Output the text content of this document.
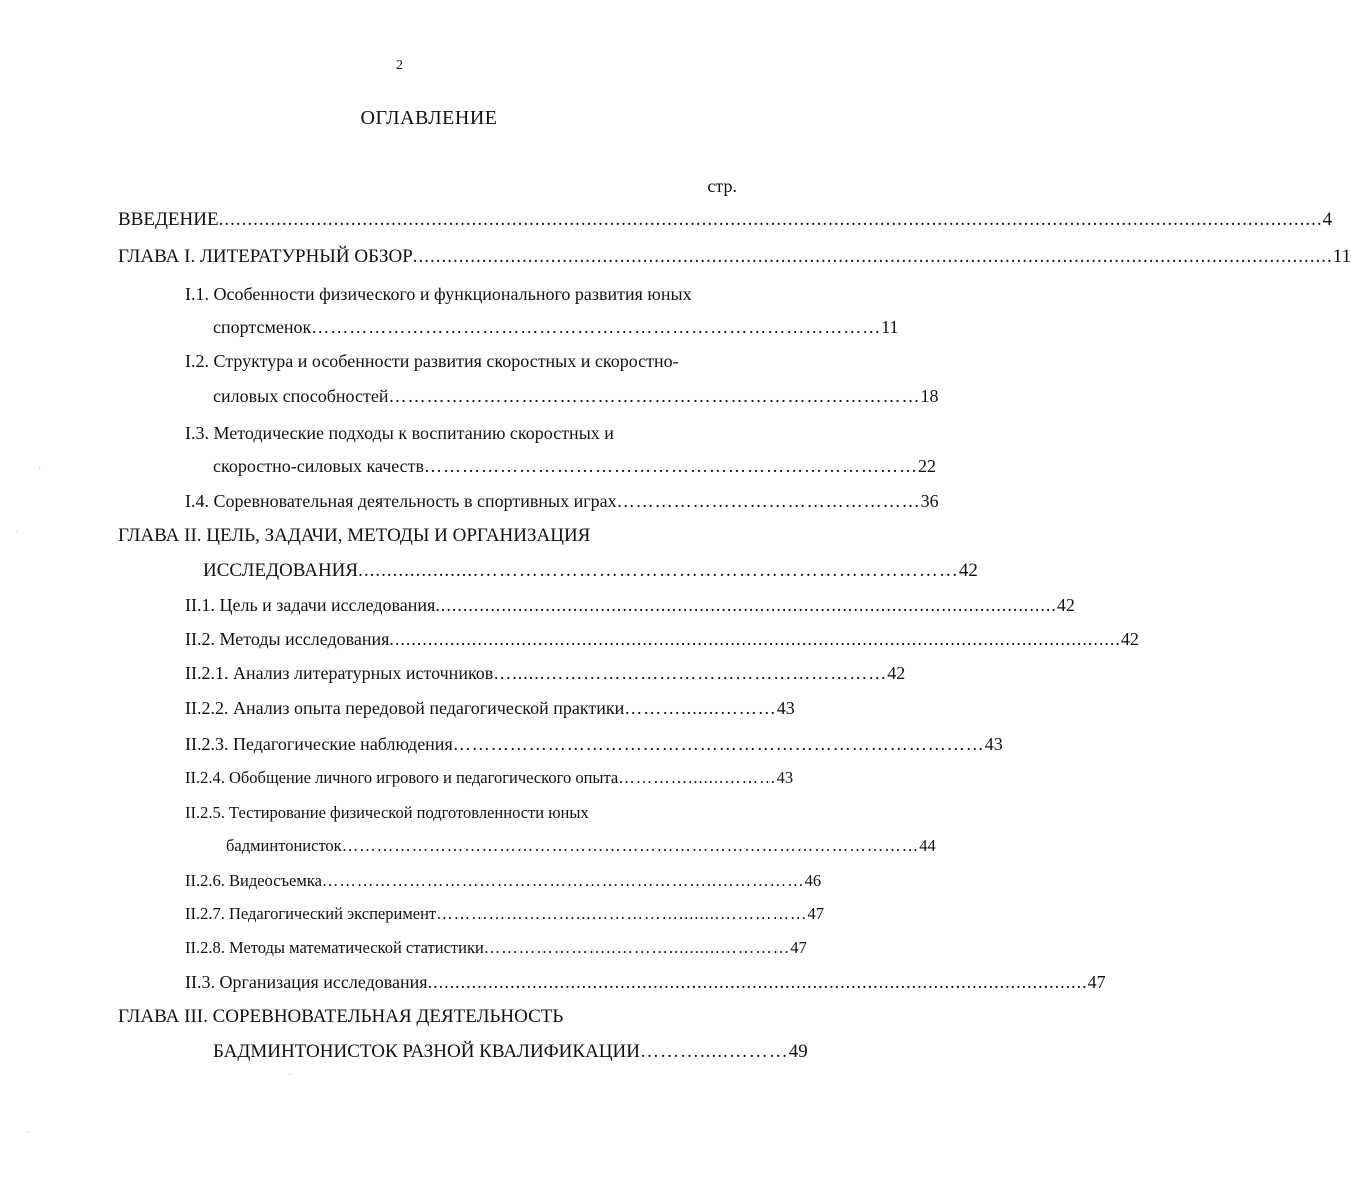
2
ОГЛАВЛЕНИЕ
стр.
ВВЕДЕНИЕ ................................................................................................................................................................................................ 4
ГЛАВА I. ЛИТЕРАТУРНЫЙ ОБЗОР ................................................................................................................................................................ 11
I.1. Особенности физического и функционального развития юных
спортсменок ……………………………………………………………………………… 11
I.2. Структура и особенности развития скоростных и скоростно-
силовых способностей ………………………………………………………………………… 18
I.3. Методические подходы к воспитанию скоростных и
скоростно-силовых качеств …………………………………………………………………… 22
I.4. Соревновательная деятельность в спортивных играх ………………………………………… 36
ГЛАВА II. ЦЕЛЬ, ЗАДАЧИ, МЕТОДЫ И ОРГАНИЗАЦИЯ
ИССЛЕДОВАНИЯ .....................……………………………………………………………… 42
II.1. Цель и задачи исследования ................................................................................................................. 42
II.2. Методы исследования ..................................................................................................................................... 42
II.2.1. Анализ литературных источников …......……………………………………………… 42
II.2.2. Анализ опыта передовой педагогической практики ……….......……… 43
II.2.3. Педагогические наблюдения ………………………………………………………………………… 43
II.2.4. Обобщение личного игрового и педагогического опыта ………….......……… 43
II.2.5. Тестирование физической подготовленности юных
бадминтонисток ……………………………………………………………………………………… 44
II.2.6. Видеосъемка …………………………………………………………..…………… 46
II.2.7. Педагогический эксперимент ……………………...……………........…………… 47
II.2.8. Методы математической статистики …………………..………..........………… 47
II.3. Организация исследования ........................................................................................................................ 47
ГЛАВА III. СОРЕВНОВАТЕЛЬНАЯ ДЕЯТЕЛЬНОСТЬ
БАДМИНТОНИСТОК РАЗНОЙ КВАЛИФИКАЦИИ ……….....……… 49
·
‵
ˎ
·
